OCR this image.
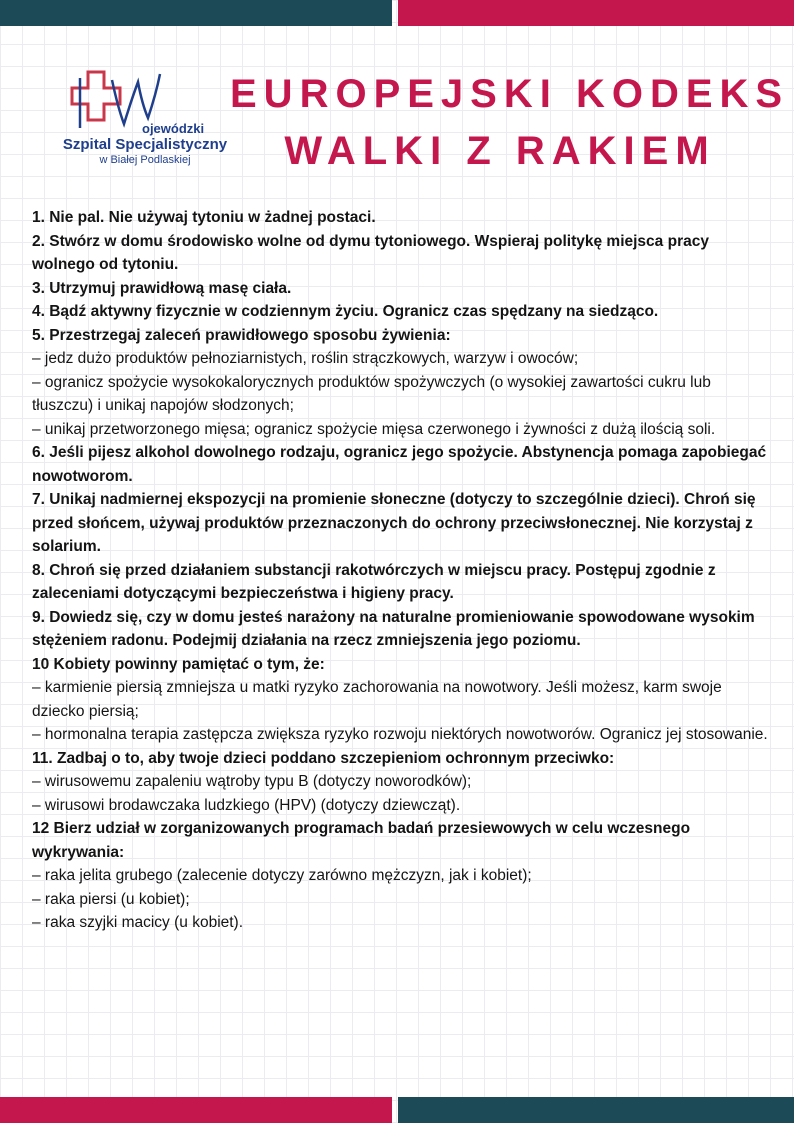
ojewódzki
Szpital Specjalistyczny
w Białej Podlaskiej
EUROPEJSKI KODEKS
WALKI Z RAKIEM

1. Nie pal. Nie używaj tytoniu w żadnej postaci.

2. Stwórz w domu środowisko wolne od dymu tytoniowego. Wspieraj politykę miejsca pracy wolnego od tytoniu.

3. Utrzymuj prawidłową masę ciała.

4. Bądź aktywny fizycznie w codziennym życiu. Ogranicz czas spędzany na siedząco.

5. Przestrzegaj zaleceń prawidłowego sposobu żywienia:

– jedz dużo produktów pełnoziarnistych, roślin strączkowych, warzyw i owoców;

– ogranicz spożycie wysokokalorycznych produktów spożywczych (o wysokiej zawartości cukru lub tłuszczu) i unikaj napojów słodzonych;

– unikaj przetworzonego mięsa; ogranicz spożycie mięsa czerwonego i żywności z dużą ilością soli.

6. Jeśli pijesz alkohol dowolnego rodzaju, ogranicz jego spożycie. Abstynencja pomaga zapobiegać nowotworom.

7. Unikaj nadmiernej ekspozycji na promienie słoneczne (dotyczy to szczególnie dzieci). Chroń się przed słońcem, używaj produktów przeznaczonych do ochrony przeciwsłonecznej. Nie korzystaj z solarium.

8. Chroń się przed działaniem substancji rakotwórczych w miejscu pracy. Postępuj zgodnie z zaleceniami dotyczącymi bezpieczeństwa i higieny pracy.

9. Dowiedz się, czy w domu jesteś narażony na naturalne promieniowanie spowodowane wysokim stężeniem radonu. Podejmij działania na rzecz zmniejszenia jego poziomu.

10 Kobiety powinny pamiętać o tym, że:

– karmienie piersią zmniejsza u matki ryzyko zachorowania na nowotwory. Jeśli możesz, karm swoje dziecko piersią;

– hormonalna terapia zastępcza zwiększa ryzyko rozwoju niektórych nowotworów. Ogranicz jej stosowanie.

11. Zadbaj o to, aby twoje dzieci poddano szczepieniom ochronnym przeciwko:

– wirusowemu zapaleniu wątroby typu B (dotyczy noworodków);

– wirusowi brodawczaka ludzkiego (HPV) (dotyczy dziewcząt).

12 Bierz udział w zorganizowanych programach badań przesiewowych w celu wczesnego wykrywania:

– raka jelita grubego (zalecenie dotyczy zarówno mężczyzn, jak i kobiet);

– raka piersi (u kobiet);

– raka szyjki macicy (u kobiet).
